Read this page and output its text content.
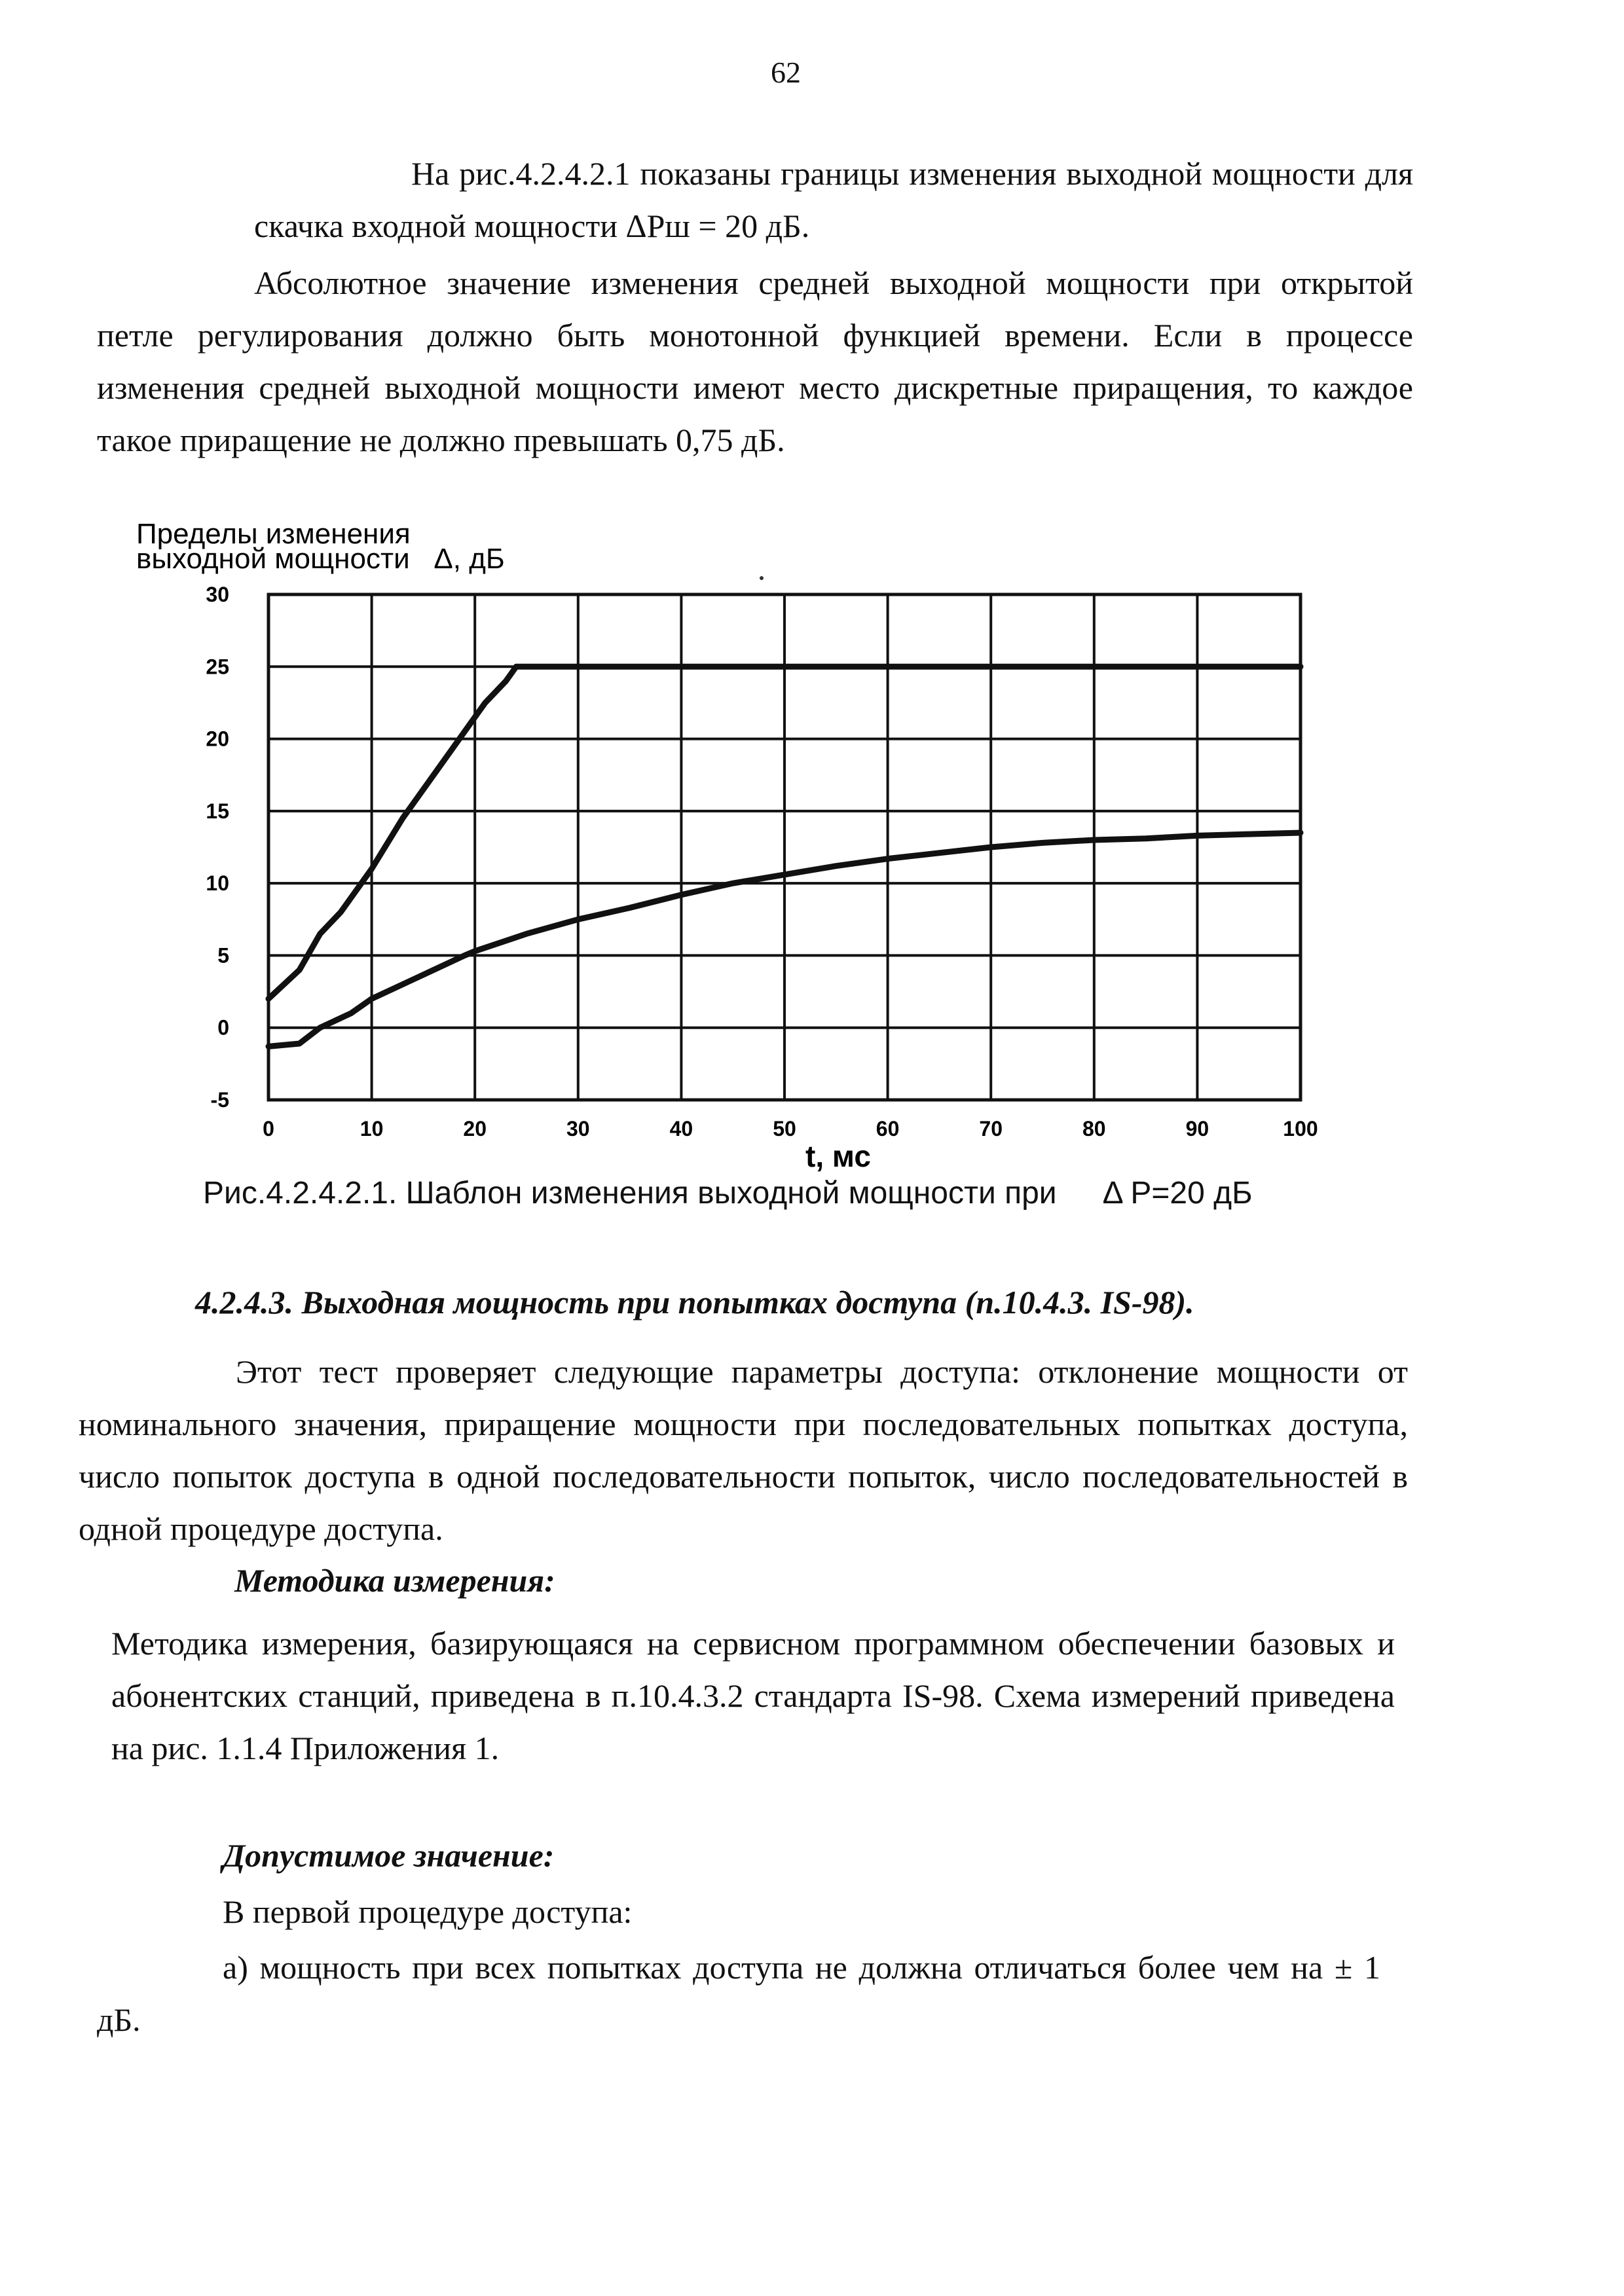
62
На рис.4.2.4.2.1 показаны границы изменения выходной мощности для скачка входной мощности ΔPш = 20 дБ.
Абсолютное значение изменения средней выходной мощности при открытой петле регулирования должно быть монотонной функцией времени. Если в процессе изменения средней выходной мощности имеют место дискретные приращения, то каждое такое приращение не должно превышать 0,75 дБ.
0	10	20	30	40	50	60	70	80	90	100
30
25
20
15
10
5
0
-5
Пределы изменения
выходной мощности   Δ, дБ
t, мс
Рис.4.2.4.2.1. Шаблон изменения выходной мощности при Δ P=20 дБ
4.2.4.3. Выходная мощность при попытках доступа (п.10.4.3. IS-98).
Этот тест проверяет следующие параметры доступа: отклонение мощности от номинального значения, приращение мощности при последовательных попытках доступа, число попыток доступа в одной последовательности попыток, число последовательностей в одной процедуре доступа.
Методика измерения:
Методика измерения, базирующаяся на сервисном программном обеспечении базовых и абонентских станций, приведена в п.10.4.3.2 стандарта IS-98. Схема измерений приведена на рис. 1.1.4 Приложения 1.
Допустимое значение:
В первой процедуре доступа:
а) мощность при всех попытках доступа не должна отличаться более чем на ± 1 дБ.
